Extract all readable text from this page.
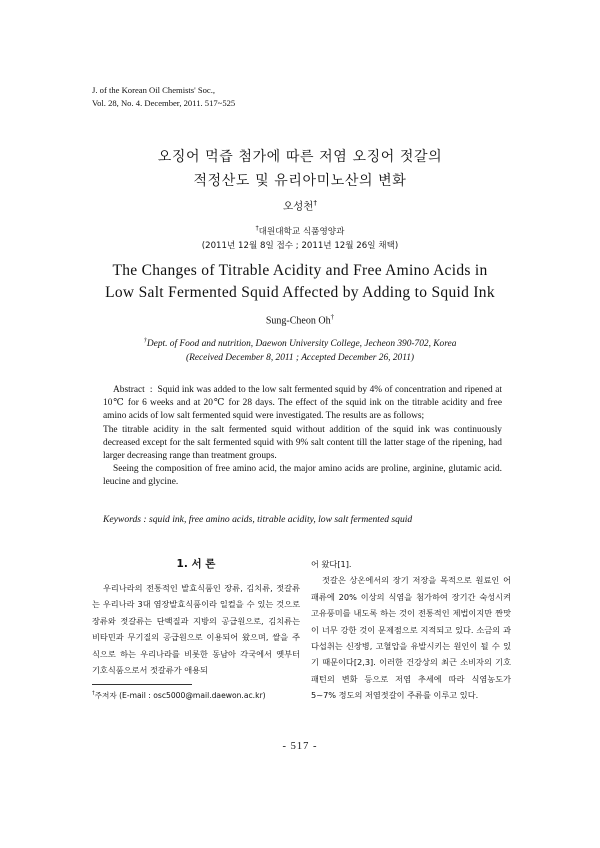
J. of the Korean Oil Chemists' Soc.,
Vol. 28, No. 4. December, 2011. 517~525
오징어 먹즙 첨가에 따른 저염 오징어 젓갈의
적정산도 및 유리아미노산의 변화
오성천†
†대원대학교 식품영양과
(2011년 12월 8일 접수 ; 2011년 12월 26일 채택)
The Changes of Titrable Acidity and Free Amino Acids in
Low Salt Fermented Squid Affected by Adding to Squid Ink
Sung-Cheon Oh†
†Dept. of Food and nutrition, Daewon University College, Jecheon 390-702, Korea
(Received December 8, 2011 ; Accepted December 26, 2011)

Abstract  :  Squid ink was added to the low salt fermented squid by 4% of concentration and ripened at 10℃ for 6 weeks and at 20℃ for 28 days. The effect of the squid ink on the titrable acidity and free amino acids of low salt fermented squid were investigated. The results are as follows;

The titrable acidity in the salt fermented squid without addition of the squid ink was continuously decreased except for the salt fermented squid with 9% salt content till the latter stage of the ripening, had larger decreasing range than treatment groups.

Seeing the composition of free amino acid, the major amino acids are proline, arginine, glutamic acid. leucine and glycine.

Keywords : squid ink, free amino acids, titrable acidity, low salt fermented squid
1. 서 론

우리나라의 전통적인 발효식품인 장류, 김치류, 젓갈류는 우리나라 3대 염장발효식품이라 일컬을 수 있는 것으로 장류와 젓갈류는 단백질과 지방의 공급원으로, 김치류는 비타민과 무기질의 공급원으로 이용되어 왔으며, 쌀을 주식으로 하는 우리나라를 비롯한 동남아 각국에서 옛부터 기호식품으로서 젓갈류가 애용되

어 왔다[1].

젓갈은 상온에서의 장기 저장을 목적으로 원료인 어패류에 20% 이상의 식염을 첨가하여 장기간 숙성시켜 고유풍미를 내도록 하는 것이 전통적인 제법이지만 짠맛이 너무 강한 것이 문제점으로 지적되고 있다. 소금의 과다섭취는 신장병, 고혈압을 유발시키는 원인이 될 수 있기 때문이다[2,3]. 이러한 건강상의 최근 소비자의 기호 패턴의 변화 등으로 저염 추세에 따라 식염농도가 5~7% 정도의 저염젓갈이 주류를 이루고 있다.

†주저자 (E-mail : osc5000@mail.daewon.ac.kr)
- 517 -
